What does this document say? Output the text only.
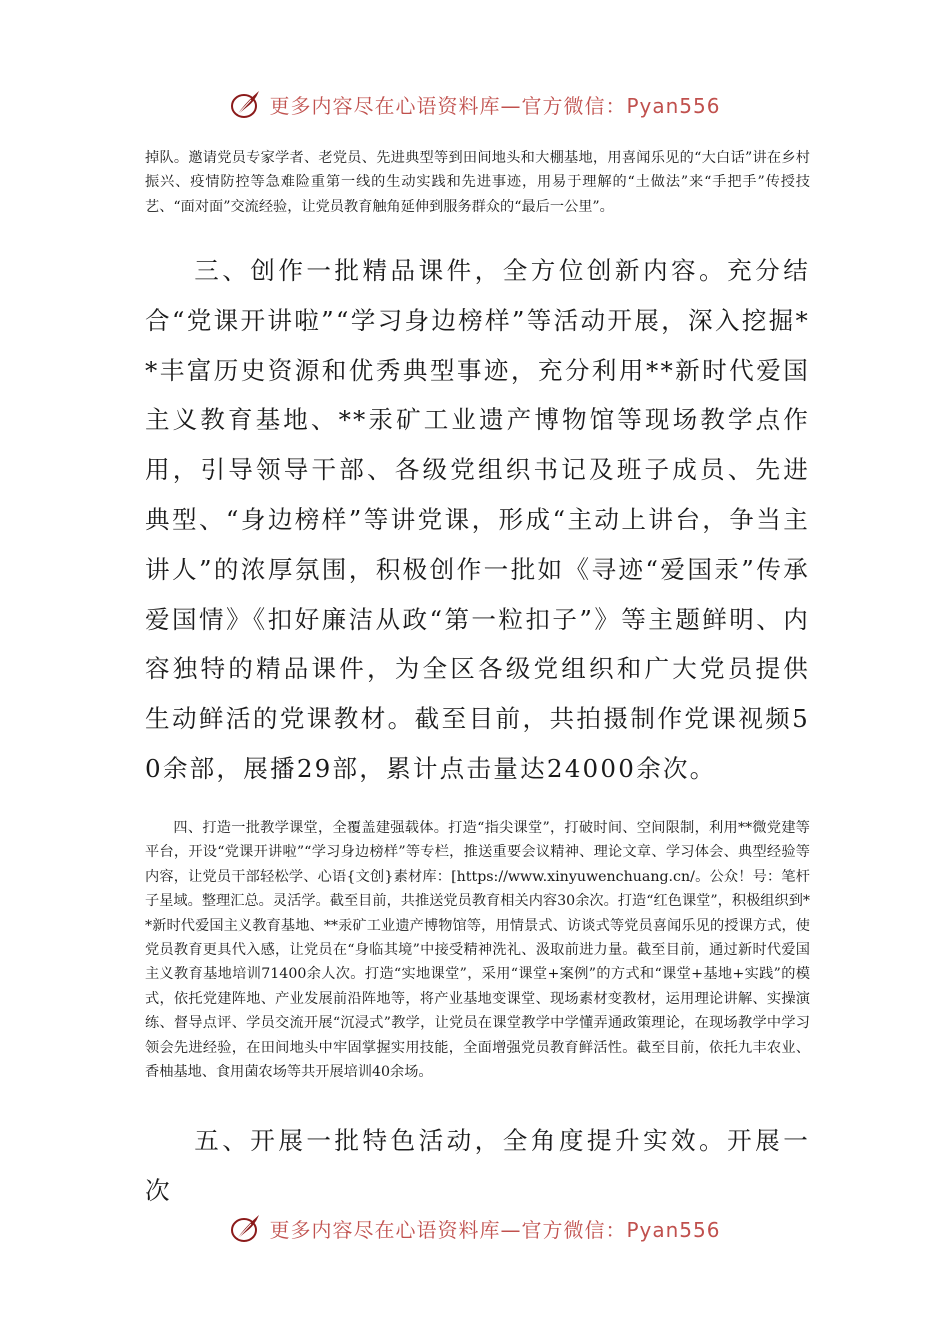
更多内容尽在心语资料库—官方微信：Pyan556

掉队。邀请党员专家学者、老党员、先进典型等到田间地头和大棚基地，用喜闻乐见的“大白话”讲在乡村振兴、疫情防控等急难险重第一线的生动实践和先进事迹，用易于理解的“土做法”来“手把手”传授技艺、“面对面”交流经验，让党员教育触角延伸到服务群众的“最后一公里”。

三、创作一批精品课件，全方位创新内容。充分结合“党课开讲啦”“学习身边榜样”等活动开展，深入挖掘**丰富历史资源和优秀典型事迹，充分利用**新时代爱国主义教育基地、**汞矿工业遗产博物馆等现场教学点作用，引导领导干部、各级党组织书记及班子成员、先进典型、“身边榜样”等讲党课，形成“主动上讲台，争当主讲人”的浓厚氛围，积极创作一批如《寻迹“爱国汞”传承爱国情》《扣好廉洁从政“第一粒扣子”》等主题鲜明、内容独特的精品课件，为全区各级党组织和广大党员提供生动鲜活的党课教材。截至目前，共拍摄制作党课视频50余部，展播29部，累计点击量达24000余次。

四、打造一批教学课堂，全覆盖建强载体。打造“指尖课堂”，打破时间、空间限制，利用**微党建等平台，开设“党课开讲啦”“学习身边榜样”等专栏，推送重要会议精神、理论文章、学习体会、典型经验等内容，让党员干部轻松学、心语{文创}素材库：[https://www.xinyuwenchuang.cn/。公众！号：笔杆子星域。整理汇总。灵活学。截至目前，共推送党员教育相关内容30余次。打造“红色课堂”，积极组织到**新时代爱国主义教育基地、**汞矿工业遗产博物馆等，用情景式、访谈式等党员喜闻乐见的授课方式，使党员教育更具代入感，让党员在“身临其境”中接受精神洗礼、汲取前进力量。截至目前，通过新时代爱国主义教育基地培训71400余人次。打造“实地课堂”，采用“课堂+案例”的方式和“课堂+基地+实践”的模式，依托党建阵地、产业发展前沿阵地等，将产业基地变课堂、现场素材变教材，运用理论讲解、实操演练、督导点评、学员交流开展“沉浸式”教学，让党员在课堂教学中学懂弄通政策理论，在现场教学中学习领会先进经验，在田间地头中牢固掌握实用技能，全面增强党员教育鲜活性。截至目前，依托九丰农业、香柚基地、食用菌农场等共开展培训40余场。

五、开展一批特色活动，全角度提升实效。开展一次

更多内容尽在心语资料库—官方微信：Pyan556
